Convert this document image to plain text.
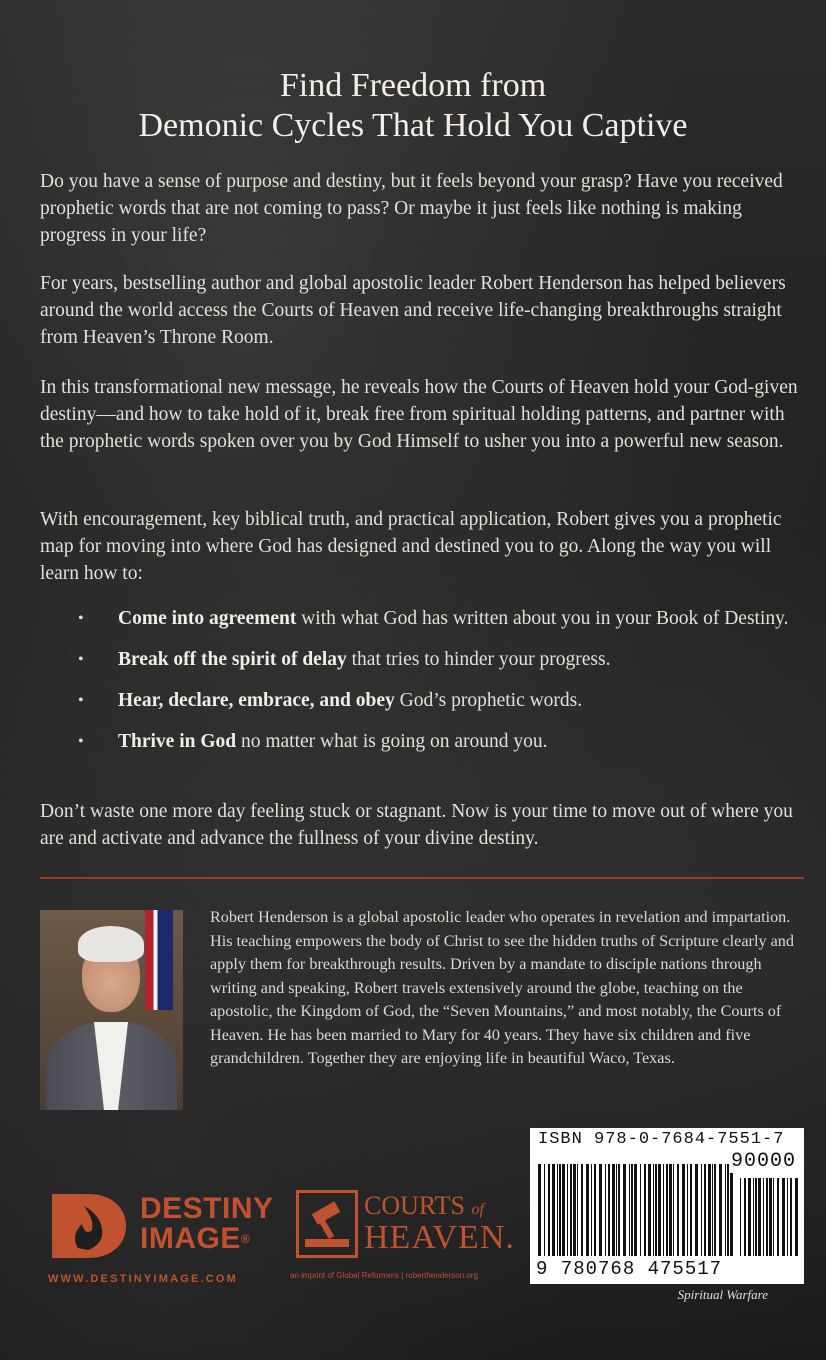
Find Freedom from
Demonic Cycles That Hold You Captive
Do you have a sense of purpose and destiny, but it feels beyond your grasp? Have you received prophetic words that are not coming to pass? Or maybe it just feels like nothing is making progress in your life?
For years, bestselling author and global apostolic leader Robert Henderson has helped believers around the world access the Courts of Heaven and receive life-changing breakthroughs straight from Heaven’s Throne Room.
In this transformational new message, he reveals how the Courts of Heaven hold your God-given destiny—and how to take hold of it, break free from spiritual holding patterns, and partner with the prophetic words spoken over you by God Himself to usher you into a powerful new season.
With encouragement, key biblical truth, and practical application, Robert gives you a prophetic map for moving into where God has designed and destined you to go. Along the way you will learn how to:
• Come into agreement with what God has written about you in your Book of Destiny.
• Break off the spirit of delay that tries to hinder your progress.
• Hear, declare, embrace, and obey God’s prophetic words.
• Thrive in God no matter what is going on around you.
Don’t waste one more day feeling stuck or stagnant. Now is your time to move out of where you are and activate and advance the fullness of your divine destiny.
Robert Henderson is a global apostolic leader who operates in revelation and impartation. His teaching empowers the body of Christ to see the hidden truths of Scripture clearly and apply them for breakthrough results. Driven by a mandate to disciple nations through writing and speaking, Robert travels extensively around the globe, teaching on the apostolic, the Kingdom of God, the “Seven Mountains,” and most notably, the Courts of Heaven. He has been married to Mary for 40 years. They have six children and five grandchildren. Together they are enjoying life in beautiful Waco, Texas.
DESTINY
IMAGE®
WWW.DESTINYIMAGE.COM
COURTS of
HEAVEN.
an imprint of Global Reformers | roberthenderson.org
ISBN 978-0-7684-7551-7
90000
9 780768 475517
Spiritual Warfare
